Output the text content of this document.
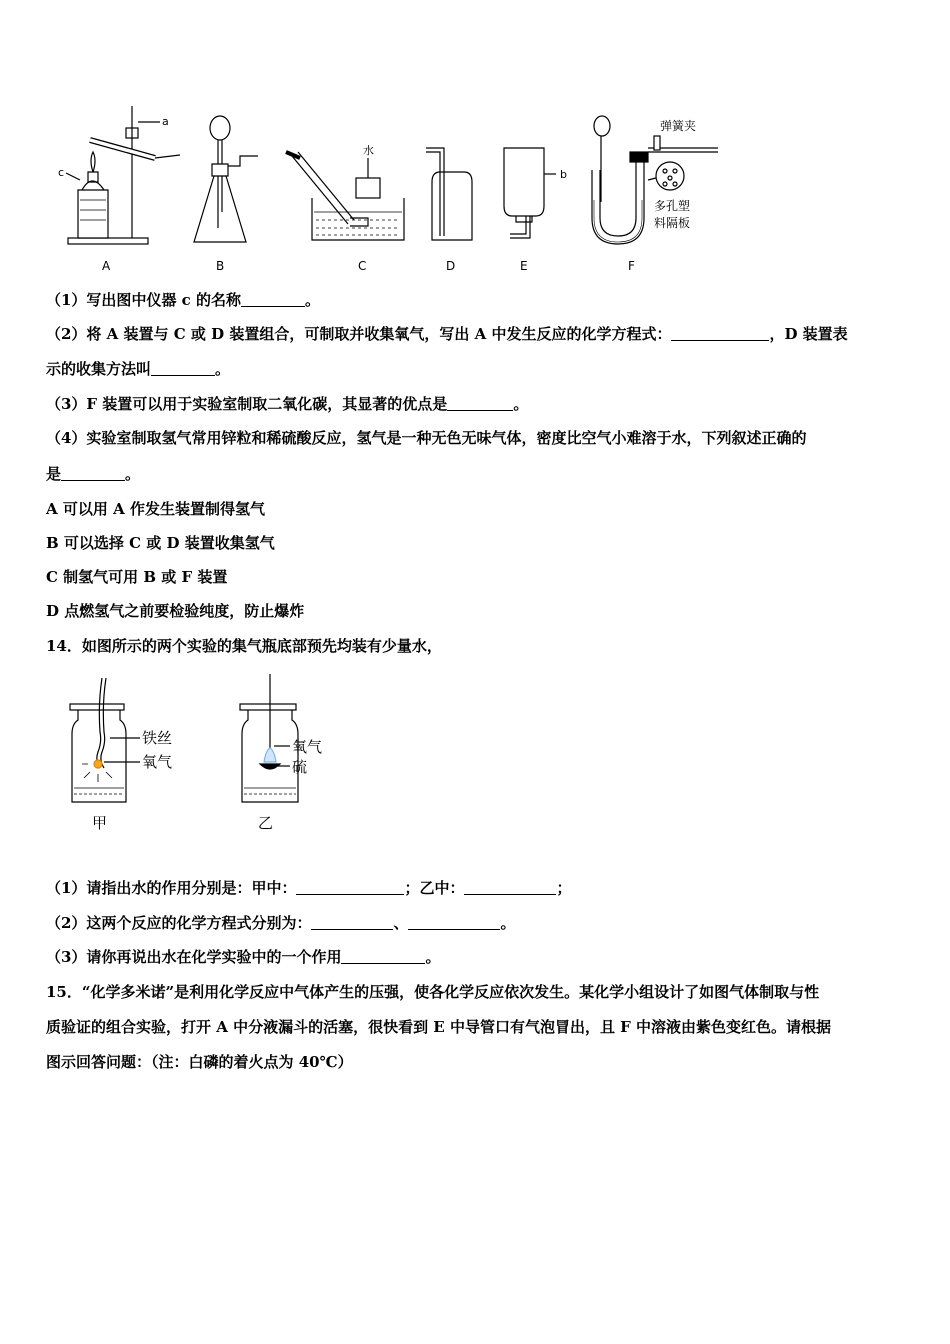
a
c
水
b
弹簧夹
多孔塑
料隔板
A	B	C	D	E	F
（1）写出图中仪器 c 的名称	。
（2）将 A 装置与 C 或 D 装置组合，可制取并收集氧气，写出 A 中发生反应的化学方程式：	，D 装置表
示的收集方法叫	。
（3）F 装置可以用于实验室制取二氧化碳，其显著的优点是	。
（4）实验室制取氢气常用锌粒和稀硫酸反应，氢气是一种无色无味气体，密度比空气小难溶于水，下列叙述正确的
是	。
A 可以用 A 作发生装置制得氢气
B 可以选择 C 或 D 装置收集氢气
C 制氢气可用 B 或 F 装置
D 点燃氢气之前要检验纯度，防止爆炸
14．如图所示的两个实验的集气瓶底部预先均装有少量水，
铁丝
氧气
甲
氧气
硫
乙
（1）请指出水的作用分别是：甲中：	；乙中：	；
（2）这两个反应的化学方程式分别为：	、	。
（3）请你再说出水在化学实验中的一个作用	。
15．“化学多米诺”是利用化学反应中气体产生的压强，使各化学反应依次发生。某化学小组设计了如图气体制取与性
质验证的组合实验，打开 A 中分液漏斗的活塞，很快看到 E 中导管口有气泡冒出，且 F 中溶液由紫色变红色。请根据
图示回答问题：（注：白磷的着火点为 40℃）
